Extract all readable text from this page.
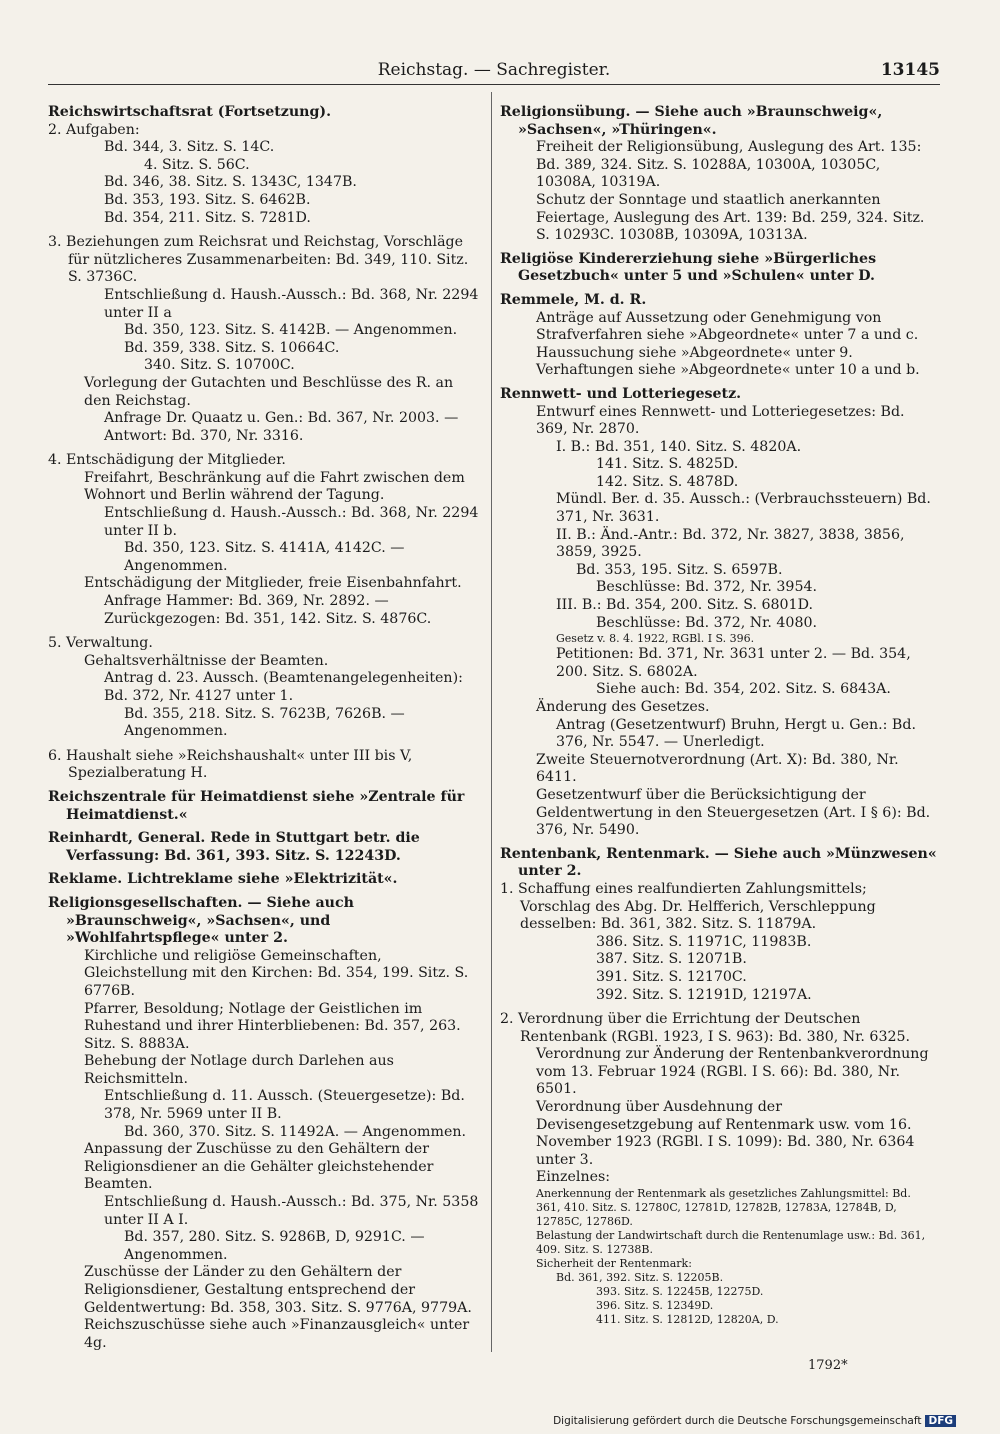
Reichstag. — Sachregister.	13145

Reichswirtschaftsrat (Fortsetzung).

2. Aufgaben:

Bd. 344, 3. Sitz. S. 14C.

4. Sitz. S. 56C.

Bd. 346, 38. Sitz. S. 1343C, 1347B.

Bd. 353, 193. Sitz. S. 6462B.

Bd. 354, 211. Sitz. S. 7281D.

3. Beziehungen zum Reichsrat und Reichstag, Vorschläge für nützlicheres Zusammenarbeiten: Bd. 349, 110. Sitz. S. 3736C.

Entschließung d. Haush.-Aussch.: Bd. 368, Nr. 2294 unter II a

Bd. 350, 123. Sitz. S. 4142B. — Angenommen.

Bd. 359, 338. Sitz. S. 10664C.

340. Sitz. S. 10700C.

Vorlegung der Gutachten und Beschlüsse des R. an den Reichstag.

Anfrage Dr. Quaatz u. Gen.: Bd. 367, Nr. 2003. — Antwort: Bd. 370, Nr. 3316.

4. Entschädigung der Mitglieder.

Freifahrt, Beschränkung auf die Fahrt zwischen dem Wohnort und Berlin während der Tagung.

Entschließung d. Haush.-Aussch.: Bd. 368, Nr. 2294 unter II b.

Bd. 350, 123. Sitz. S. 4141A, 4142C. — Angenommen.

Entschädigung der Mitglieder, freie Eisenbahnfahrt.

Anfrage Hammer: Bd. 369, Nr. 2892. — Zurückgezogen: Bd. 351, 142. Sitz. S. 4876C.

5. Verwaltung.

Gehaltsverhältnisse der Beamten.

Antrag d. 23. Aussch. (Beamtenangelegenheiten): Bd. 372, Nr. 4127 unter 1.

Bd. 355, 218. Sitz. S. 7623B, 7626B. — Angenommen.

6. Haushalt siehe »Reichshaushalt« unter III bis V, Spezialberatung H.

Reichszentrale für Heimatdienst siehe »Zentrale für Heimatdienst.«

Reinhardt, General. Rede in Stuttgart betr. die Verfassung: Bd. 361, 393. Sitz. S. 12243D.

Reklame. Lichtreklame siehe »Elektrizität«.

Religionsgesellschaften. — Siehe auch »Braunschweig«, »Sachsen«, und »Wohlfahrtspflege« unter 2.

Kirchliche und religiöse Gemeinschaften, Gleichstellung mit den Kirchen: Bd. 354, 199. Sitz. S. 6776B.

Pfarrer, Besoldung; Notlage der Geistlichen im Ruhestand und ihrer Hinterbliebenen: Bd. 357, 263. Sitz. S. 8883A.

Behebung der Notlage durch Darlehen aus Reichsmitteln.

Entschließung d. 11. Aussch. (Steuergesetze): Bd. 378, Nr. 5969 unter II B.

Bd. 360, 370. Sitz. S. 11492A. — Angenommen.

Anpassung der Zuschüsse zu den Gehältern der Religionsdiener an die Gehälter gleichstehender Beamten.

Entschließung d. Haush.-Aussch.: Bd. 375, Nr. 5358 unter II A I.

Bd. 357, 280. Sitz. S. 9286B, D, 9291C. — Angenommen.

Zuschüsse der Länder zu den Gehältern der Religionsdiener, Gestaltung entsprechend der Geldentwertung: Bd. 358, 303. Sitz. S. 9776A, 9779A.

Reichszuschüsse siehe auch »Finanzausgleich« unter 4g.

Religionsübung. — Siehe auch »Braunschweig«, »Sachsen«, »Thüringen«.

Freiheit der Religionsübung, Auslegung des Art. 135: Bd. 389, 324. Sitz. S. 10288A, 10300A, 10305C, 10308A, 10319A.

Schutz der Sonntage und staatlich anerkannten Feiertage, Auslegung des Art. 139: Bd. 259, 324. Sitz. S. 10293C. 10308B, 10309A, 10313A.

Religiöse Kindererziehung siehe »Bürgerliches Gesetzbuch« unter 5 und »Schulen« unter D.

Remmele, M. d. R.

Anträge auf Aussetzung oder Genehmigung von Strafverfahren siehe »Abgeordnete« unter 7 a und c.

Haussuchung siehe »Abgeordnete« unter 9.

Verhaftungen siehe »Abgeordnete« unter 10 a und b.

Rennwett- und Lotteriegesetz.

Entwurf eines Rennwett- und Lotteriegesetzes: Bd. 369, Nr. 2870.

I. B.: Bd. 351, 140. Sitz. S. 4820A.

141. Sitz. S. 4825D.

142. Sitz. S. 4878D.

Mündl. Ber. d. 35. Aussch.: (Verbrauchssteuern) Bd. 371, Nr. 3631.

II. B.: Änd.-Antr.: Bd. 372, Nr. 3827, 3838, 3856, 3859, 3925.

Bd. 353, 195. Sitz. S. 6597B.

Beschlüsse: Bd. 372, Nr. 3954.

III. B.: Bd. 354, 200. Sitz. S. 6801D.

Beschlüsse: Bd. 372, Nr. 4080.

Gesetz v. 8. 4. 1922, RGBl. I S. 396.

Petitionen: Bd. 371, Nr. 3631 unter 2. — Bd. 354, 200. Sitz. S. 6802A.

Siehe auch: Bd. 354, 202. Sitz. S. 6843A.

Änderung des Gesetzes.

Antrag (Gesetzentwurf) Bruhn, Hergt u. Gen.: Bd. 376, Nr. 5547. — Unerledigt.

Zweite Steuernotverordnung (Art. X): Bd. 380, Nr. 6411.

Gesetzentwurf über die Berücksichtigung der Geldentwertung in den Steuergesetzen (Art. I § 6): Bd. 376, Nr. 5490.

Rentenbank, Rentenmark. — Siehe auch »Münzwesen« unter 2.

1. Schaffung eines realfundierten Zahlungsmittels; Vorschlag des Abg. Dr. Helfferich, Verschleppung desselben: Bd. 361, 382. Sitz. S. 11879A.

386. Sitz. S. 11971C, 11983B.

387. Sitz. S. 12071B.

391. Sitz. S. 12170C.

392. Sitz. S. 12191D, 12197A.

2. Verordnung über die Errichtung der Deutschen Rentenbank (RGBl. 1923, I S. 963): Bd. 380, Nr. 6325.

Verordnung zur Änderung der Rentenbankverordnung vom 13. Februar 1924 (RGBl. I S. 66): Bd. 380, Nr. 6501.

Verordnung über Ausdehnung der Devisengesetzgebung auf Rentenmark usw. vom 16. November 1923 (RGBl. I S. 1099): Bd. 380, Nr. 6364 unter 3.

Einzelnes:

Anerkennung der Rentenmark als gesetzliches Zahlungsmittel: Bd. 361, 410. Sitz. S. 12780C, 12781D, 12782B, 12783A, 12784B, D, 12785C, 12786D.

Belastung der Landwirtschaft durch die Rentenumlage usw.: Bd. 361, 409. Sitz. S. 12738B.

Sicherheit der Rentenmark:

Bd. 361, 392. Sitz. S. 12205B.

393. Sitz. S. 12245B, 12275D.

396. Sitz. S. 12349D.

411. Sitz. S. 12812D, 12820A, D.

1792*
Digitalisierung gefördert durch die Deutsche Forschungsgemeinschaft DFG
